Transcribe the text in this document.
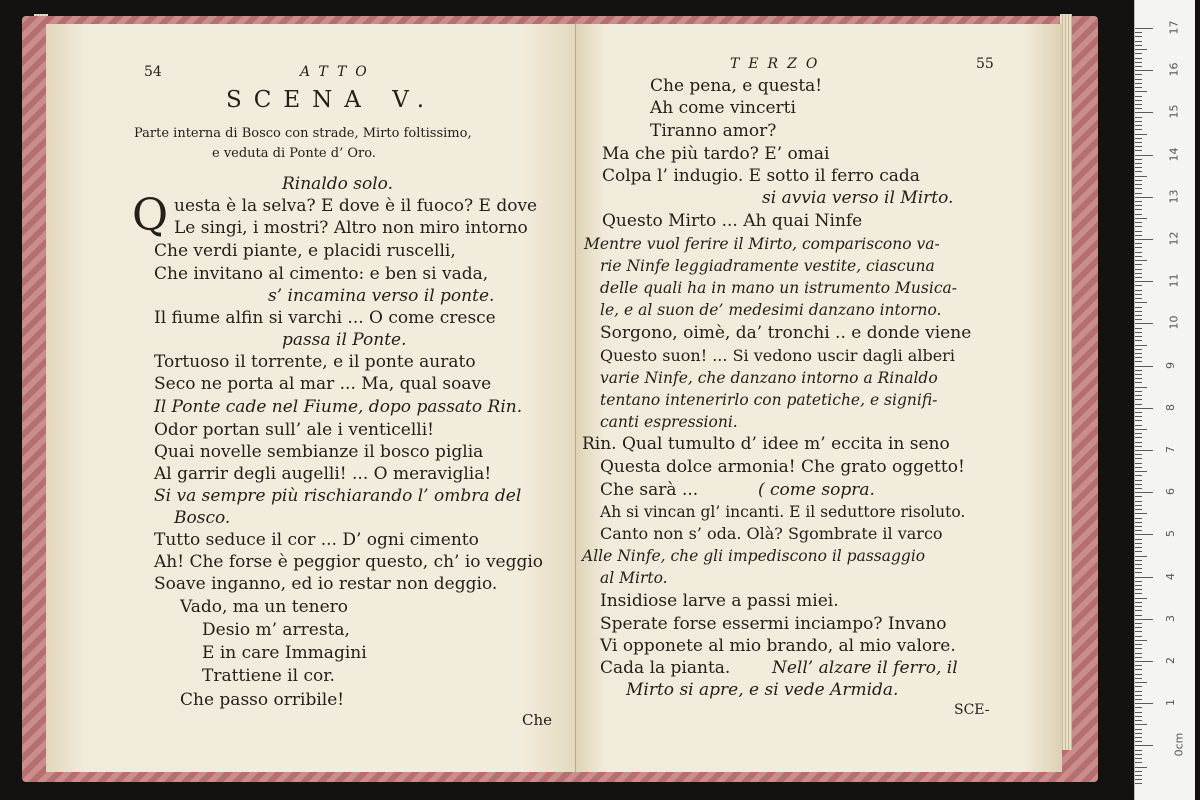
54	ATTO
SCENA V.
Parte interna di Bosco con strade, Mirto foltissimo,
e veduta di Ponte d’ Oro.
Rinaldo solo.
Q uesta è la selva? E dove è il fuoco? E dove
Le singi, i mostri? Altro non miro intorno
Che verdi piante, e placidi ruscelli,
Che invitano al cimento: e ben si vada,
s’ incamina verso il ponte.
Il fiume alfin si varchi ... O come cresce
passa il Ponte.
Tortuoso il torrente, e il ponte aurato
Seco ne porta al mar ... Ma, qual soave
Il Ponte cade nel Fiume, dopo passato Rin.
Odor portan sull’ ale i venticelli!
Quai novelle sembianze il bosco piglia
Al garrir degli augelli! ... O meraviglia!
Si va sempre più rischiarando l’ ombra del
Bosco.
Tutto seduce il cor ... D’ ogni cimento
Ah! Che forse è peggior questo, ch’ io veggio
Soave inganno, ed io restar non deggio.
Vado, ma un tenero
Desio m’ arresta,
E in care Immagini
Trattiene il cor.
Che passo orribile!
Che
TERZO	55
Che pena, e questa!
Ah come vincerti
Tiranno amor?
Ma che più tardo? E’ omai
Colpa l’ indugio. E sotto il ferro cada
si avvia verso il Mirto.
Questo Mirto ... Ah quai Ninfe
Mentre vuol ferire il Mirto, compariscono va-
rie Ninfe leggiadramente vestite, ciascuna
delle quali ha in mano un istrumento Musica-
le, e al suon de’ medesimi danzano intorno.
Sorgono, oimè, da’ tronchi .. e donde viene
Questo suon! ... Si vedono uscir dagli alberi
varie Ninfe, che danzano intorno a Rinaldo
tentano intenerirlo con patetiche, e signifi-
canti espressioni.
Rin. Qual tumulto d’ idee m’ eccita in seno
Questa dolce armonia! Che grato oggetto!
Che sarà ...	( come sopra.
Ah si vincan gl’ incanti. E il seduttore risoluto.
Canto non s’ oda. Olà? Sgombrate il varco
Alle Ninfe, che gli impediscono il passaggio
al Mirto.
Insidiose larve a passi miei.
Sperate forse essermi inciampo? Invano
Vi opponete al mio brando, al mio valore.
Cada la pianta. Nell’ alzare il ferro, il
Mirto si apre, e si vede Armida.
SCE-
17
16
15
14
13
12
11
10
9
8
7
6
5
4
3
2
1
0cm
